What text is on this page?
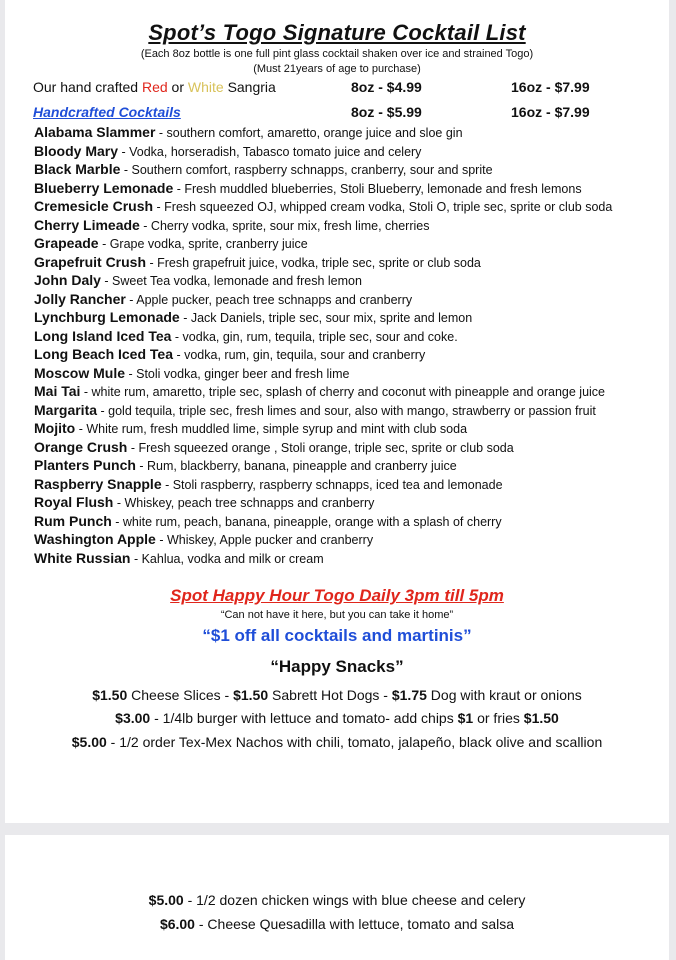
Spot’s Togo Signature Cocktail List
(Each 8oz bottle is one full pint glass cocktail shaken over ice and strained Togo)
(Must 21years of age to purchase)
Our hand crafted Red or White Sangria	8oz - $4.99	16oz - $7.99
Handcrafted Cocktails	8oz - $5.99	16oz - $7.99
Alabama Slammer - southern comfort, amaretto, orange juice and sloe gin
Bloody Mary - Vodka, horseradish, Tabasco tomato juice and celery
Black Marble - Southern comfort, raspberry schnapps, cranberry, sour and sprite
Blueberry Lemonade - Fresh muddled blueberries, Stoli Blueberry, lemonade and fresh lemons
Cremesicle Crush - Fresh squeezed OJ, whipped cream vodka, Stoli O, triple sec, sprite or club soda
Cherry Limeade - Cherry vodka, sprite, sour mix, fresh lime, cherries
Grapeade - Grape vodka, sprite, cranberry juice
Grapefruit Crush - Fresh grapefruit juice, vodka, triple sec, sprite or club soda
John Daly - Sweet Tea vodka, lemonade and fresh lemon
Jolly Rancher - Apple pucker, peach tree schnapps and cranberry
Lynchburg Lemonade - Jack Daniels, triple sec, sour mix, sprite and lemon
Long Island Iced Tea - vodka, gin, rum, tequila, triple sec, sour and coke.
Long Beach Iced Tea - vodka, rum, gin, tequila, sour and cranberry
Moscow Mule - Stoli vodka, ginger beer and fresh lime
Mai Tai - white rum, amaretto, triple sec, splash of cherry and coconut with pineapple and orange juice
Margarita - gold tequila, triple sec, fresh limes and sour, also with mango, strawberry or passion fruit
Mojito - White rum, fresh muddled lime, simple syrup and mint with club soda
Orange Crush - Fresh squeezed orange , Stoli orange, triple sec, sprite or club soda
Planters Punch - Rum, blackberry, banana, pineapple and cranberry juice
Raspberry Snapple - Stoli raspberry, raspberry schnapps, iced tea and lemonade
Royal Flush - Whiskey, peach tree schnapps and cranberry
Rum Punch - white rum, peach, banana, pineapple, orange with a splash of cherry
Washington Apple - Whiskey, Apple pucker and cranberry
White Russian - Kahlua, vodka and milk or cream
Spot Happy Hour Togo Daily 3pm till 5pm
“Can not have it here, but you can take it home”
“$1 off all cocktails and martinis”
“Happy Snacks”
$1.50 Cheese Slices - $1.50 Sabrett Hot Dogs - $1.75 Dog with kraut or onions
$3.00 - 1/4lb burger with lettuce and tomato- add chips $1 or fries $1.50
$5.00 - 1/2 order Tex-Mex Nachos with chili, tomato, jalapeño, black olive and scallion
$5.00 - 1/2 dozen chicken wings with blue cheese and celery
$6.00 - Cheese Quesadilla with lettuce, tomato and salsa
